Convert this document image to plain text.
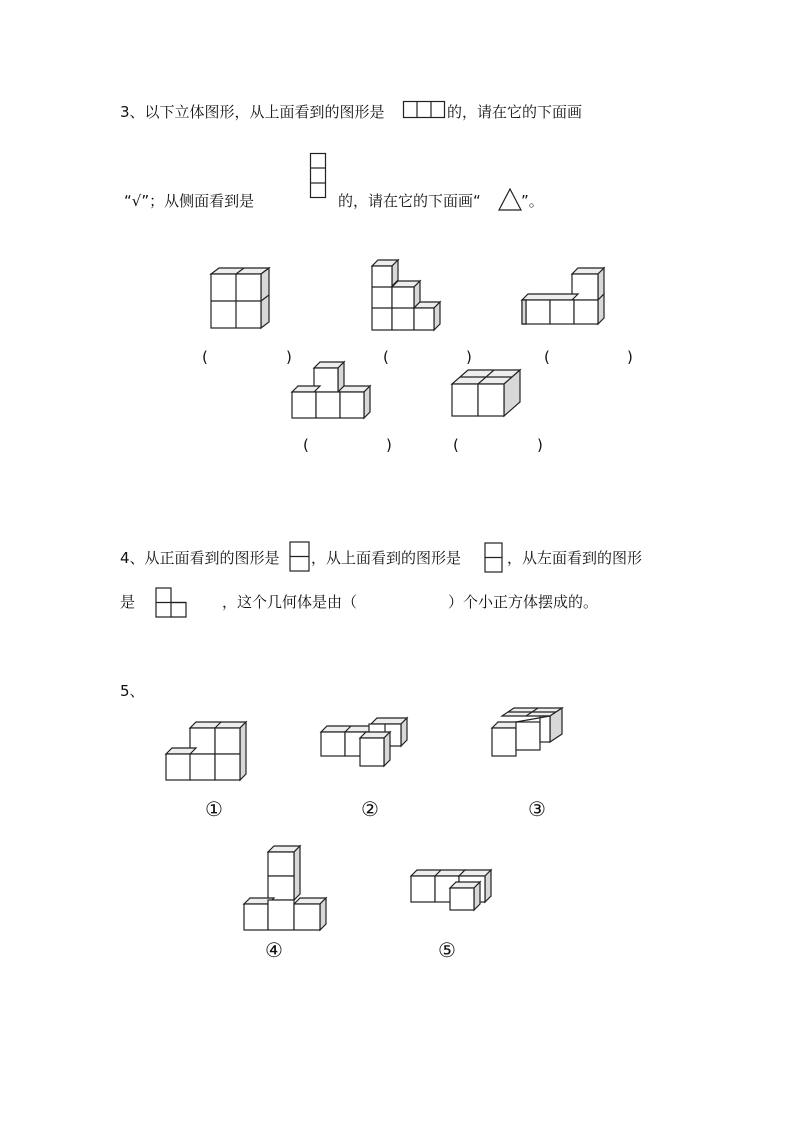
3、以下立体图形，从上面看到的图形是	的，请在它的下面画
“√”；从侧面看到是	的，请在它的下面画“	”。
(	)	(	)	(	)
(	)	(	)
4、从正面看到的图形是 ，从上面看到的图形是	，从左面看到的图形
是	，这个几何体是由（	）个小正方体摆成的。
5、
①	②	③
④	⑤
